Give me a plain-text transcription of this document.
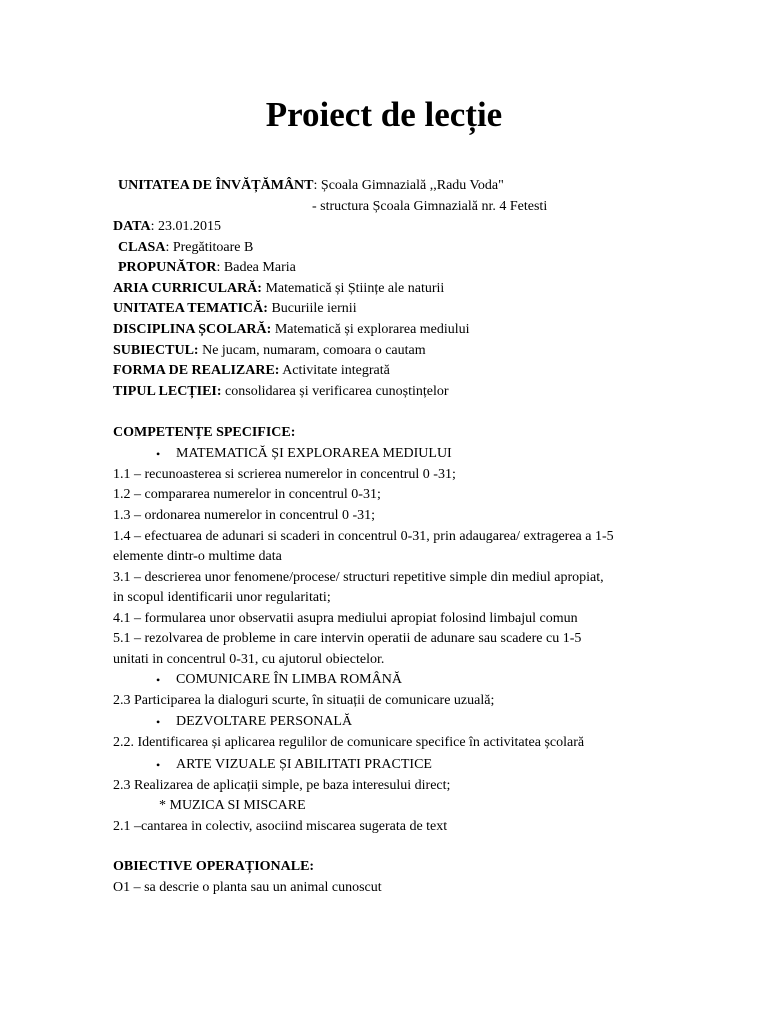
Proiect de lecție
UNITATEA DE ÎNVĂȚĂMÂNT: Școala Gimnazială ,,Radu Voda"
- structura Școala Gimnazială nr. 4 Fetesti
DATA: 23.01.2015
CLASA: Pregătitoare B
PROPUNĂTOR: Badea Maria
ARIA CURRICULARĂ: Matematică și Științe ale naturii
UNITATEA TEMATICĂ: Bucuriile iernii
DISCIPLINA ȘCOLARĂ: Matematică și explorarea mediului
SUBIECTUL: Ne jucam, numaram, comoara o cautam
FORMA DE REALIZARE: Activitate integrată
TIPUL LECȚIEI: consolidarea și verificarea cunoștințelor
COMPETENȚE SPECIFICE:
• MATEMATICĂ ȘI EXPLORAREA MEDIULUI
1.1 – recunoasterea si scrierea numerelor in concentrul 0 -31;
1.2 – compararea numerelor in concentrul 0-31;
1.3 – ordonarea numerelor in concentrul 0 -31;
1.4 – efectuarea de adunari si scaderi in concentrul 0-31, prin adaugarea/ extragerea a 1-5
elemente dintr-o multime data
3.1 – descrierea unor fenomene/procese/ structuri repetitive simple din mediul apropiat,
in scopul identificarii unor regularitati;
4.1 – formularea unor observatii asupra mediului apropiat folosind limbajul comun
5.1 – rezolvarea de probleme in care intervin operatii de adunare sau scadere cu 1-5
unitati in concentrul 0-31, cu ajutorul obiectelor.
• COMUNICARE ÎN LIMBA ROMÂNĂ
2.3 Participarea la dialoguri scurte, în situații de comunicare uzuală;
• DEZVOLTARE PERSONALĂ
2.2. Identificarea și aplicarea regulilor de comunicare specifice în activitatea școlară
• ARTE VIZUALE ȘI ABILITATI PRACTICE
2.3 Realizarea de aplicații simple, pe baza interesului direct;
* MUZICA SI MISCARE
2.1 –cantarea in colectiv, asociind miscarea sugerata de text
OBIECTIVE OPERAȚIONALE:
O1 – sa descrie o planta sau un animal cunoscut
